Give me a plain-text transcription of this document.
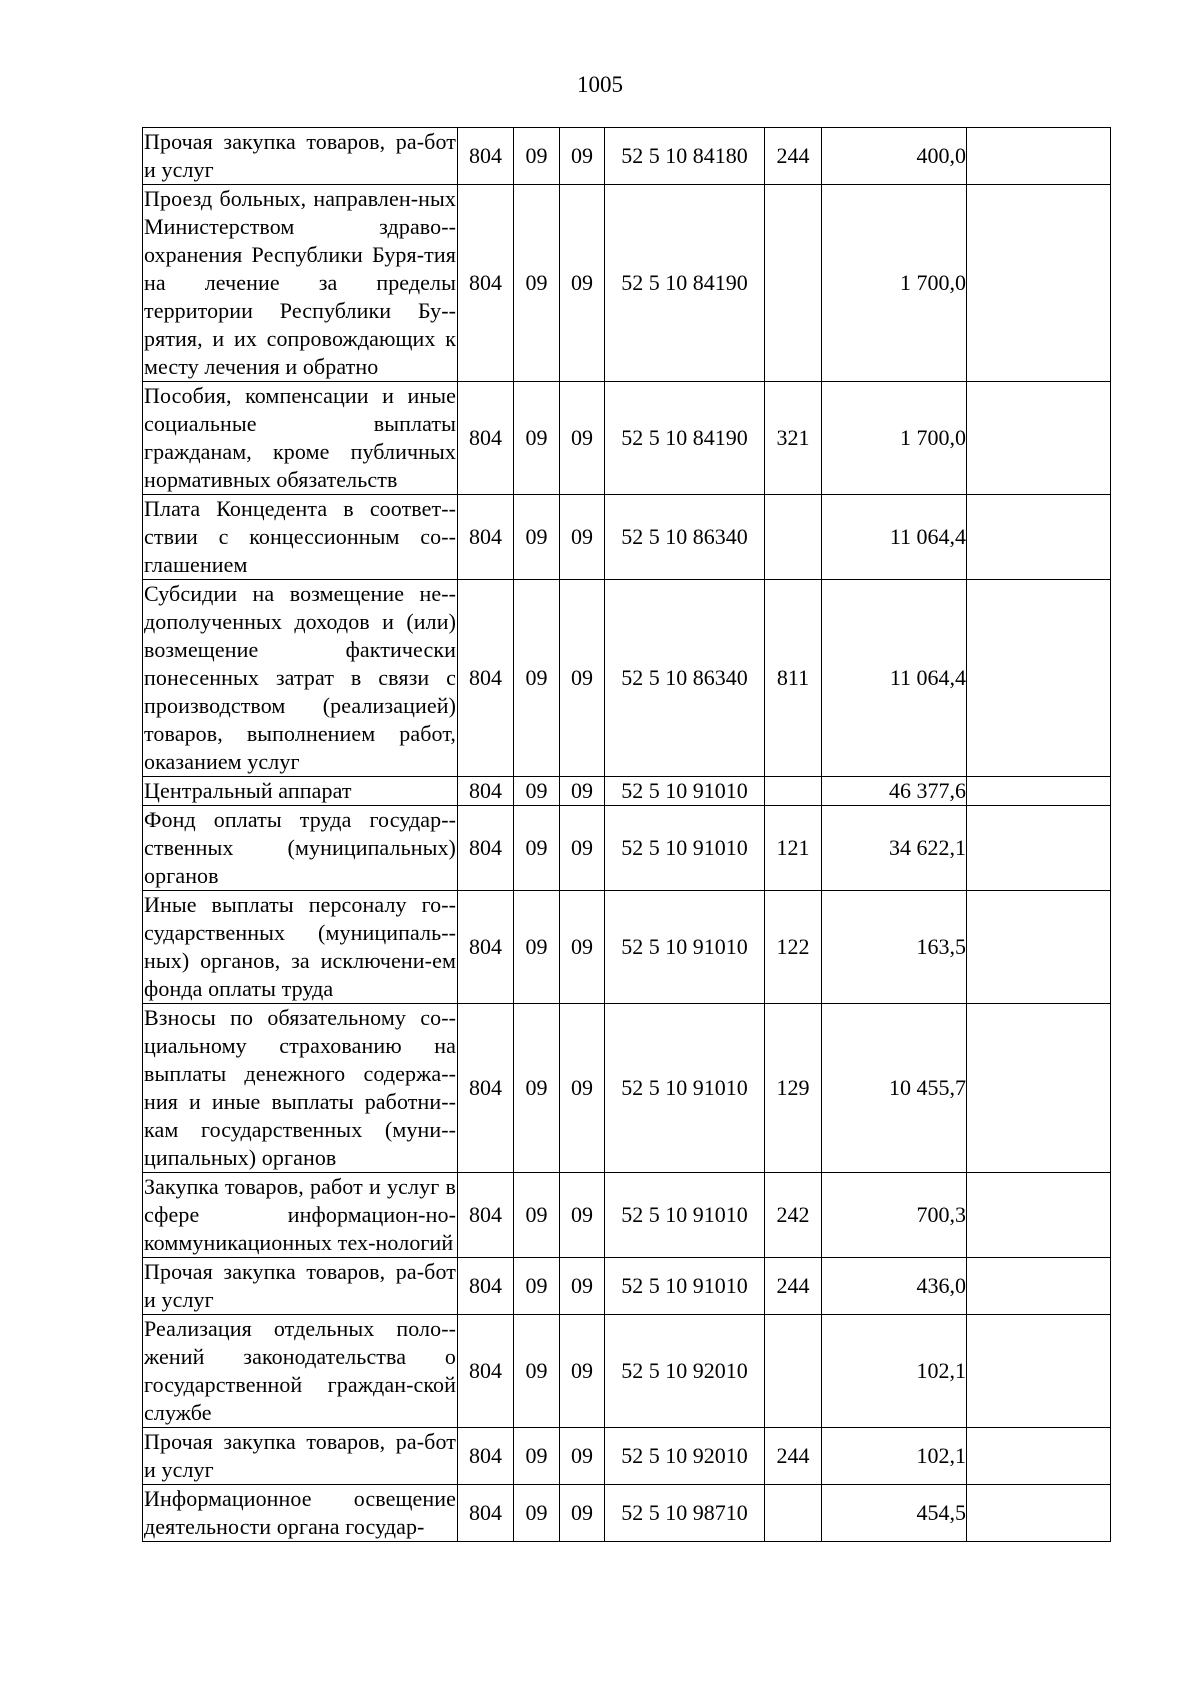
1005
Прочая закупка товаров, ра-бот и услуг	804	09	09	52 5 10 84180	244	400,0	
Проезд больных, направлен-ных Министерством здраво-охранения Республики Буря-тия на лечение за пределы территории Республики Бу-рятия, и их сопровождающих к месту лечения и обратно	804	09	09	52 5 10 84190		1 700,0	
Пособия, компенсации и иные социальные выплаты гражданам, кроме публичных нормативных обязательств	804	09	09	52 5 10 84190	321	1 700,0	
Плата Концедента в соответ-ствии с концессионным со-глашением	804	09	09	52 5 10 86340		11 064,4	
Субсидии на возмещение не-дополученных доходов и (или) возмещение фактически понесенных затрат в связи с производством (реализацией) товаров, выполнением работ, оказанием услуг	804	09	09	52 5 10 86340	811	11 064,4	
Центральный аппарат	804	09	09	52 5 10 91010		46 377,6	
Фонд оплаты труда государ-ственных (муниципальных) органов	804	09	09	52 5 10 91010	121	34 622,1	
Иные выплаты персоналу го-сударственных (муниципаль-ных) органов, за исключени-ем фонда оплаты труда	804	09	09	52 5 10 91010	122	163,5	
Взносы по обязательному со-циальному страхованию на выплаты денежного содержа-ния и иные выплаты работни-кам государственных (муни-ципальных) органов	804	09	09	52 5 10 91010	129	10 455,7	
Закупка товаров, работ и услуг в сфере информацион-но-коммуникационных тех-нологий	804	09	09	52 5 10 91010	242	700,3	
Прочая закупка товаров, ра-бот и услуг	804	09	09	52 5 10 91010	244	436,0	
Реализация отдельных поло-жений законодательства о государственной граждан-ской службе	804	09	09	52 5 10 92010		102,1	
Прочая закупка товаров, ра-бот и услуг	804	09	09	52 5 10 92010	244	102,1	
Информационное освещение деятельности органа государ-	804	09	09	52 5 10 98710		454,5	
